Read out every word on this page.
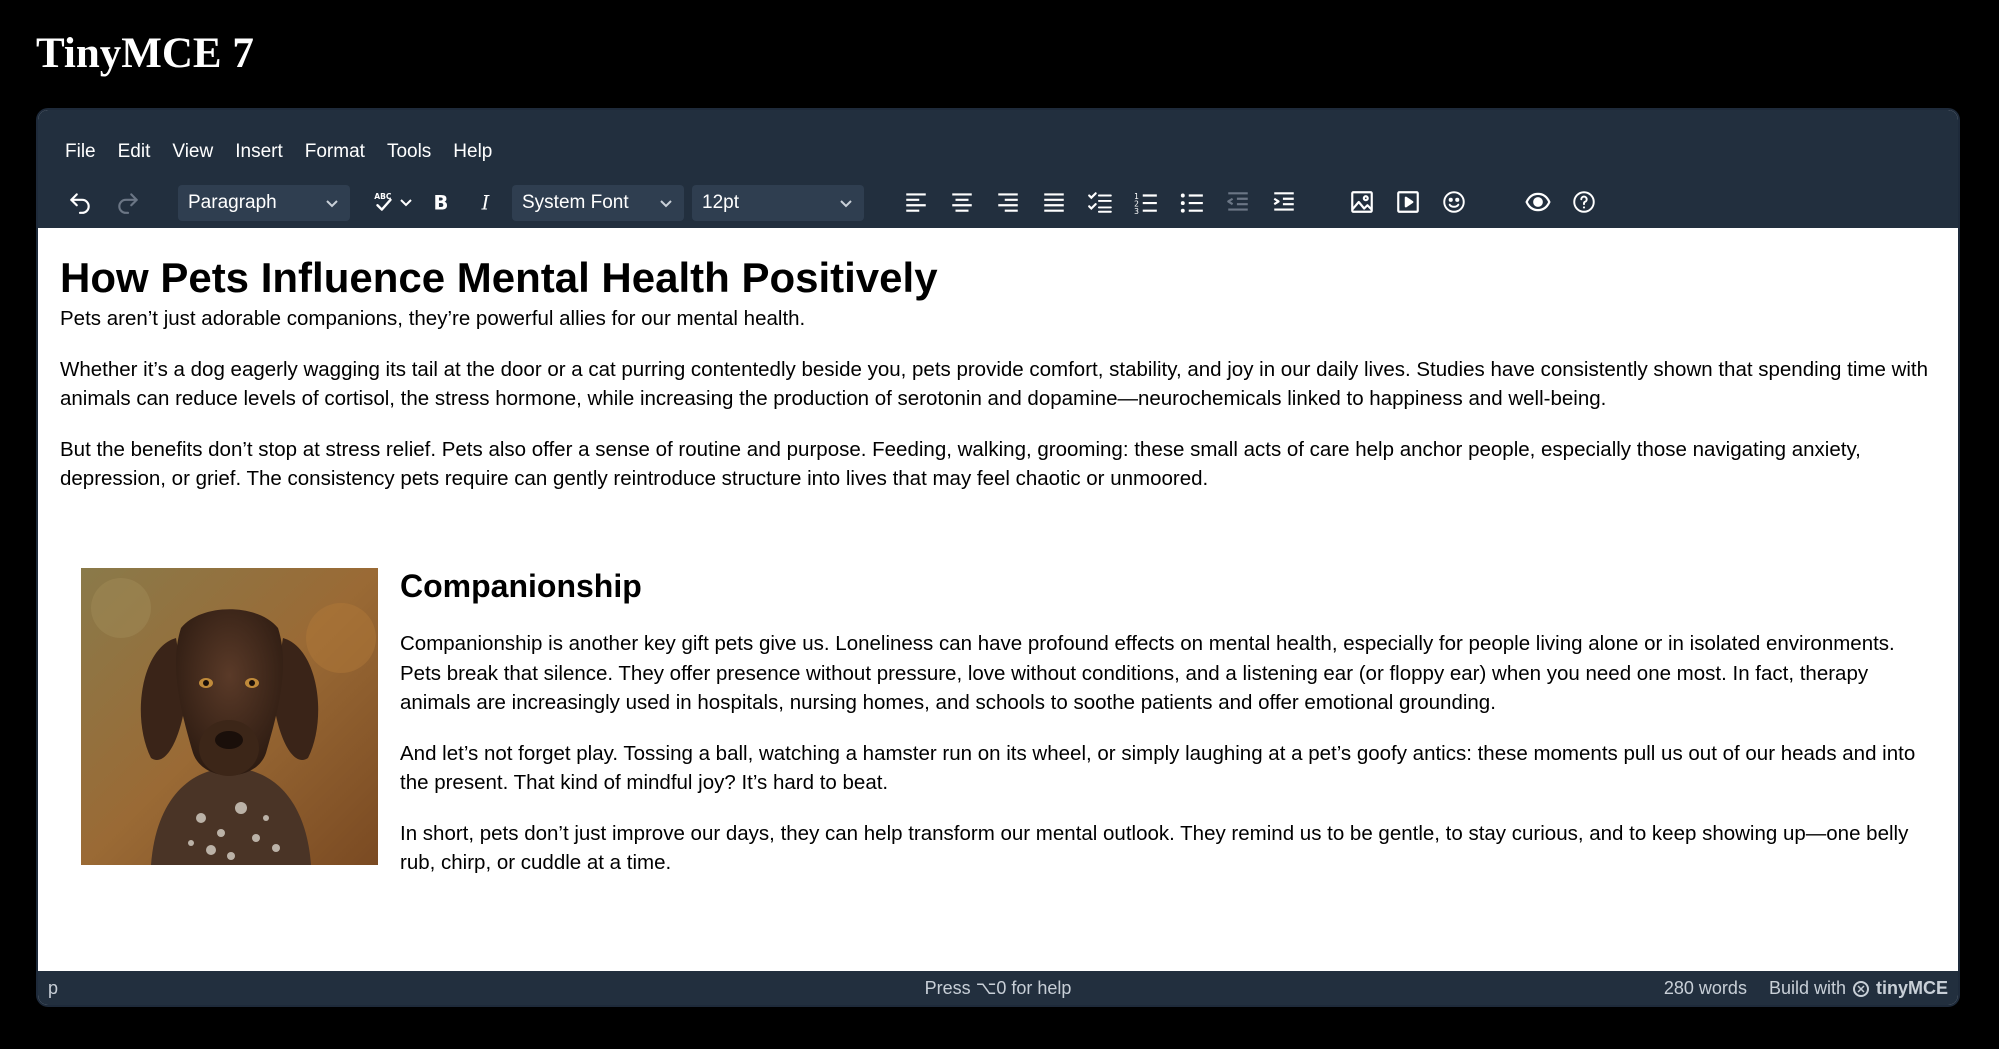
TinyMCE 7
File	Edit	View	Insert	Format	Tools	Help
Paragraph	ABC B I System Font	12pt	1
2
3
How Pets Influence Mental Health Positively

Pets aren’t just adorable companions, they’re powerful allies for our mental health.

Whether it’s a dog eagerly wagging its tail at the door or a cat purring contentedly beside you, pets provide comfort, stability, and joy in our daily lives. Studies have consistently shown that spending time with animals can reduce levels of cortisol, the stress hormone, while increasing the production of serotonin and dopamine—neurochemicals linked to happiness and well-being.

But the benefits don’t stop at stress relief. Pets also offer a sense of routine and purpose. Feeding, walking, grooming: these small acts of care help anchor people, especially those navigating anxiety, depression, or grief. The consistency pets require can gently reintroduce structure into lives that may feel chaotic or unmoored.

Companionship

Companionship is another key gift pets give us. Loneliness can have profound effects on mental health, especially for people living alone or in isolated environments. Pets break that silence. They offer presence without pressure, love without conditions, and a listening ear (or floppy ear) when you need one most. In fact, therapy animals are increasingly used in hospitals, nursing homes, and schools to soothe patients and offer emotional grounding.

And let’s not forget play. Tossing a ball, watching a hamster run on its wheel, or simply laughing at a pet’s goofy antics: these moments pull us out of our heads and into the present. That kind of mindful joy? It’s hard to beat.

In short, pets don’t just improve our days, they can help transform our mental outlook. They remind us to be gentle, to stay curious, and to keep showing up—one belly rub, chirp, or cuddle at a time.

p	Press ⌥0 for help	280 words Build with tinyMCE
